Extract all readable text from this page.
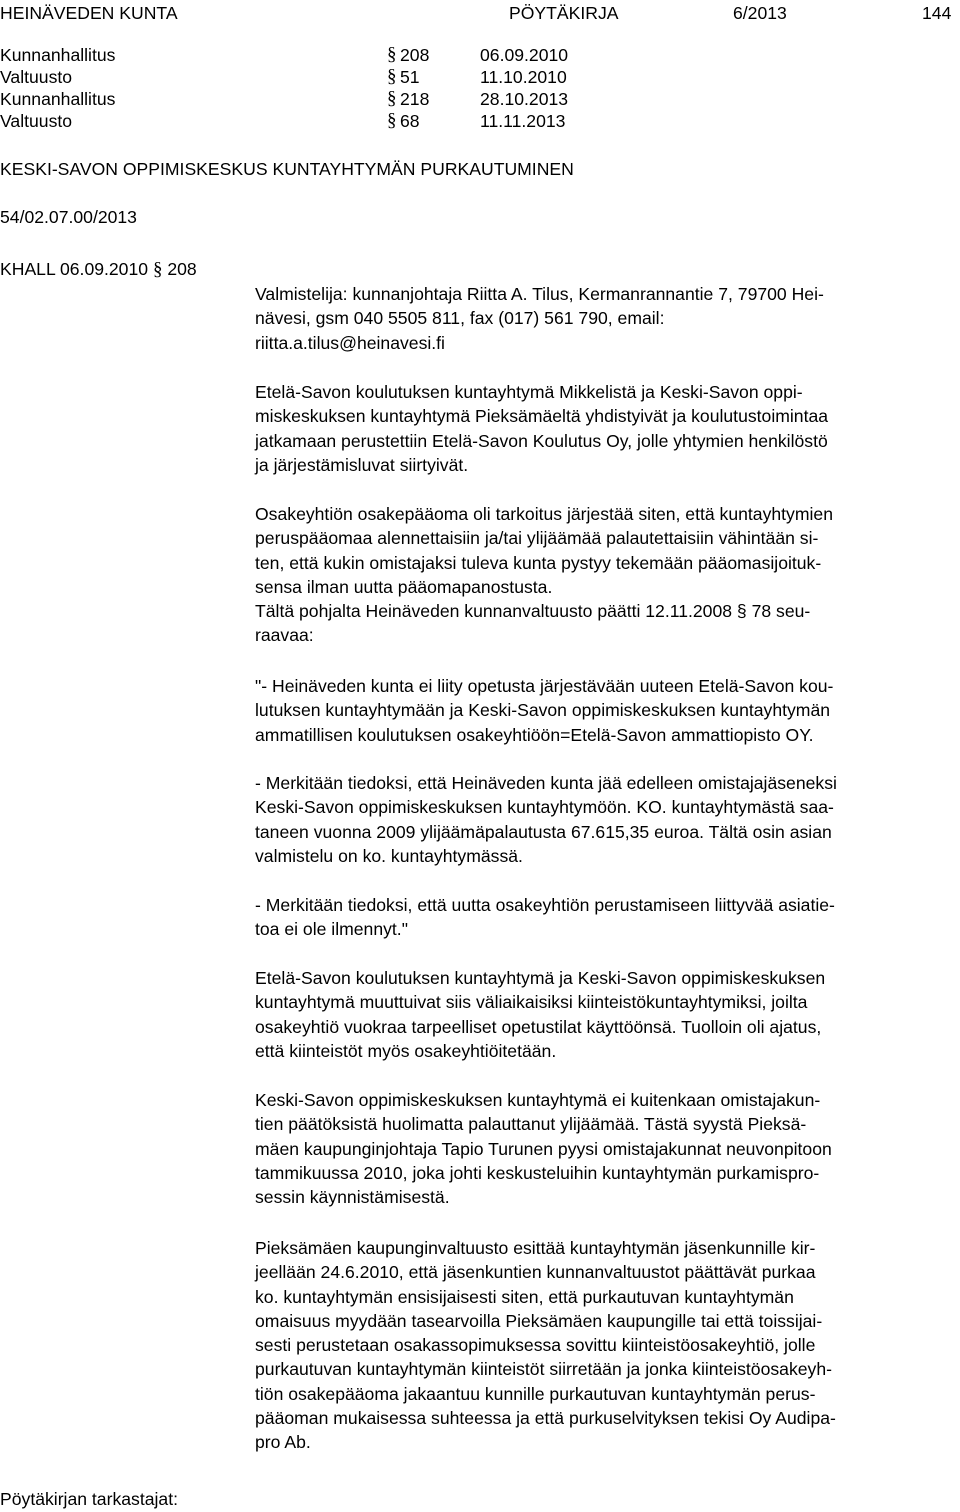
HEINÄVEDEN KUNTA	PÖYTÄKIRJA	6/2013	144
Kunnanhallitus	§ 208	06.09.2010
Valtuusto	§ 51	11.10.2010
Kunnanhallitus	§ 218	28.10.2013
Valtuusto	§ 68	11.11.2013
KESKI-SAVON OPPIMISKESKUS KUNTAYHTYMÄN PURKAUTUMINEN
54/02.07.00/2013
KHALL 06.09.2010 § 208

Valmistelija: kunnanjohtaja Riitta A. Tilus, Kermanrannantie 7, 79700 Hei-
nävesi, gsm 040 5505 811, fax (017) 561 790, email:
riitta.a.tilus@heinavesi.fi

Etelä-Savon koulutuksen kuntayhtymä Mikkelistä ja Keski-Savon oppi-
miskeskuksen kuntayhtymä Pieksämäeltä yhdistyivät ja koulutustoimintaa
jatkamaan perustettiin Etelä-Savon Koulutus Oy, jolle yhtymien henkilöstö
ja järjestämisluvat siirtyivät.

Osakeyhtiön osakepääoma oli tarkoitus järjestää siten, että kuntayhtymien
peruspääomaa alennettaisiin ja/tai ylijäämää palautettaisiin vähintään si-
ten, että kukin omistajaksi tuleva kunta pystyy tekemään pääomasijoituk-
sensa ilman uutta pääomapanostusta.
Tältä pohjalta Heinäveden kunnanvaltuusto päätti 12.11.2008 § 78 seu-
raavaa:

"- Heinäveden kunta ei liity opetusta järjestävään uuteen Etelä-Savon kou-
lutuksen kuntayhtymään ja Keski-Savon oppimiskeskuksen kuntayhtymän
ammatillisen koulutuksen osakeyhtiöön=Etelä-Savon ammattiopisto OY.

- Merkitään tiedoksi, että Heinäveden kunta jää edelleen omistajajäseneksi
Keski-Savon oppimiskeskuksen kuntayhtymöön. KO. kuntayhtymästä saa-
taneen vuonna 2009 ylijäämäpalautusta 67.615,35 euroa. Tältä osin asian
valmistelu on ko. kuntayhtymässä.

- Merkitään tiedoksi, että uutta osakeyhtiön perustamiseen liittyvää asiatie-
toa ei ole ilmennyt."

Etelä-Savon koulutuksen kuntayhtymä ja Keski-Savon oppimiskeskuksen
kuntayhtymä muuttuivat siis väliaikaisiksi kiinteistökuntayhtymiksi, joilta
osakeyhtiö vuokraa tarpeelliset opetustilat käyttöönsä. Tuolloin oli ajatus,
että kiinteistöt myös osakeyhtiöitetään.

Keski-Savon oppimiskeskuksen kuntayhtymä ei kuitenkaan omistajakun-
tien päätöksistä huolimatta palauttanut ylijäämää. Tästä syystä Pieksä-
mäen kaupunginjohtaja Tapio Turunen pyysi omistajakunnat neuvonpitoon
tammikuussa 2010, joka johti keskusteluihin kuntayhtymän purkamispro-
sessin käynnistämisestä.

Pieksämäen kaupunginvaltuusto esittää kuntayhtymän jäsenkunnille kir-
jeellään 24.6.2010, että jäsenkuntien kunnanvaltuustot päättävät purkaa
ko. kuntayhtymän ensisijaisesti siten, että purkautuvan kuntayhtymän
omaisuus myydään tasearvoilla Pieksämäen kaupungille tai että toissijai-
sesti perustetaan osakassopimuksessa sovittu kiinteistöosakeyhtiö, jolle
purkautuvan kuntayhtymän kiinteistöt siirretään ja jonka kiinteistöosakeyh-
tiön osakepääoma jakaantuu kunnille purkautuvan kuntayhtymän perus-
pääoman mukaisessa suhteessa ja että purkuselvityksen tekisi Oy Audipa-
pro Ab.

Pöytäkirjan tarkastajat:
